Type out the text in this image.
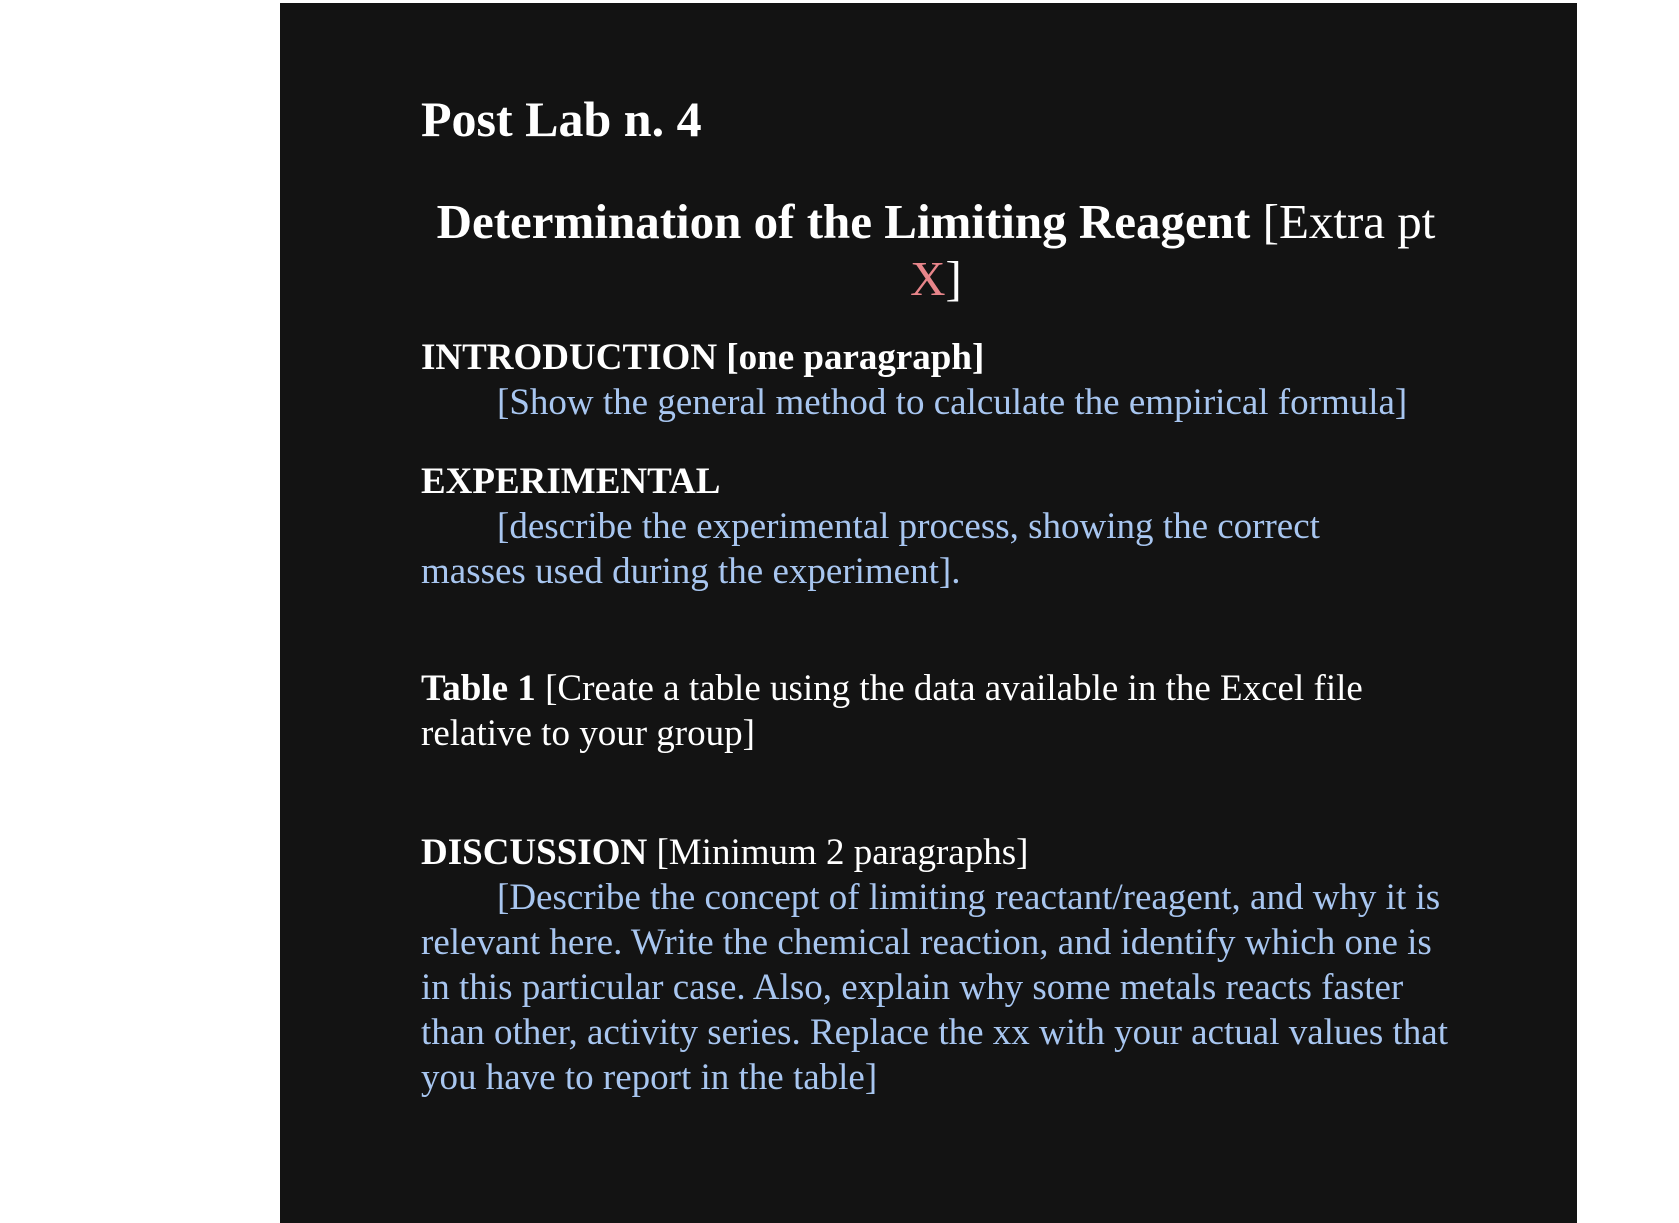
Post Lab n. 4
Determination of the Limiting Reagent [Extra pt
X]

INTRODUCTION [one paragraph]

[Show the general method to calculate the empirical formula]

EXPERIMENTAL

[describe the experimental process, showing the correct masses used during the experiment].

Table 1 [Create a table using the data available in the Excel file relative to your group]

DISCUSSION [Minimum 2 paragraphs]

[Describe the concept of limiting reactant/reagent, and why it is relevant here. Write the chemical reaction, and identify which one is in this particular case. Also, explain why some metals reacts faster than other, activity series. Replace the xx with your actual values that you have to report in the table]
